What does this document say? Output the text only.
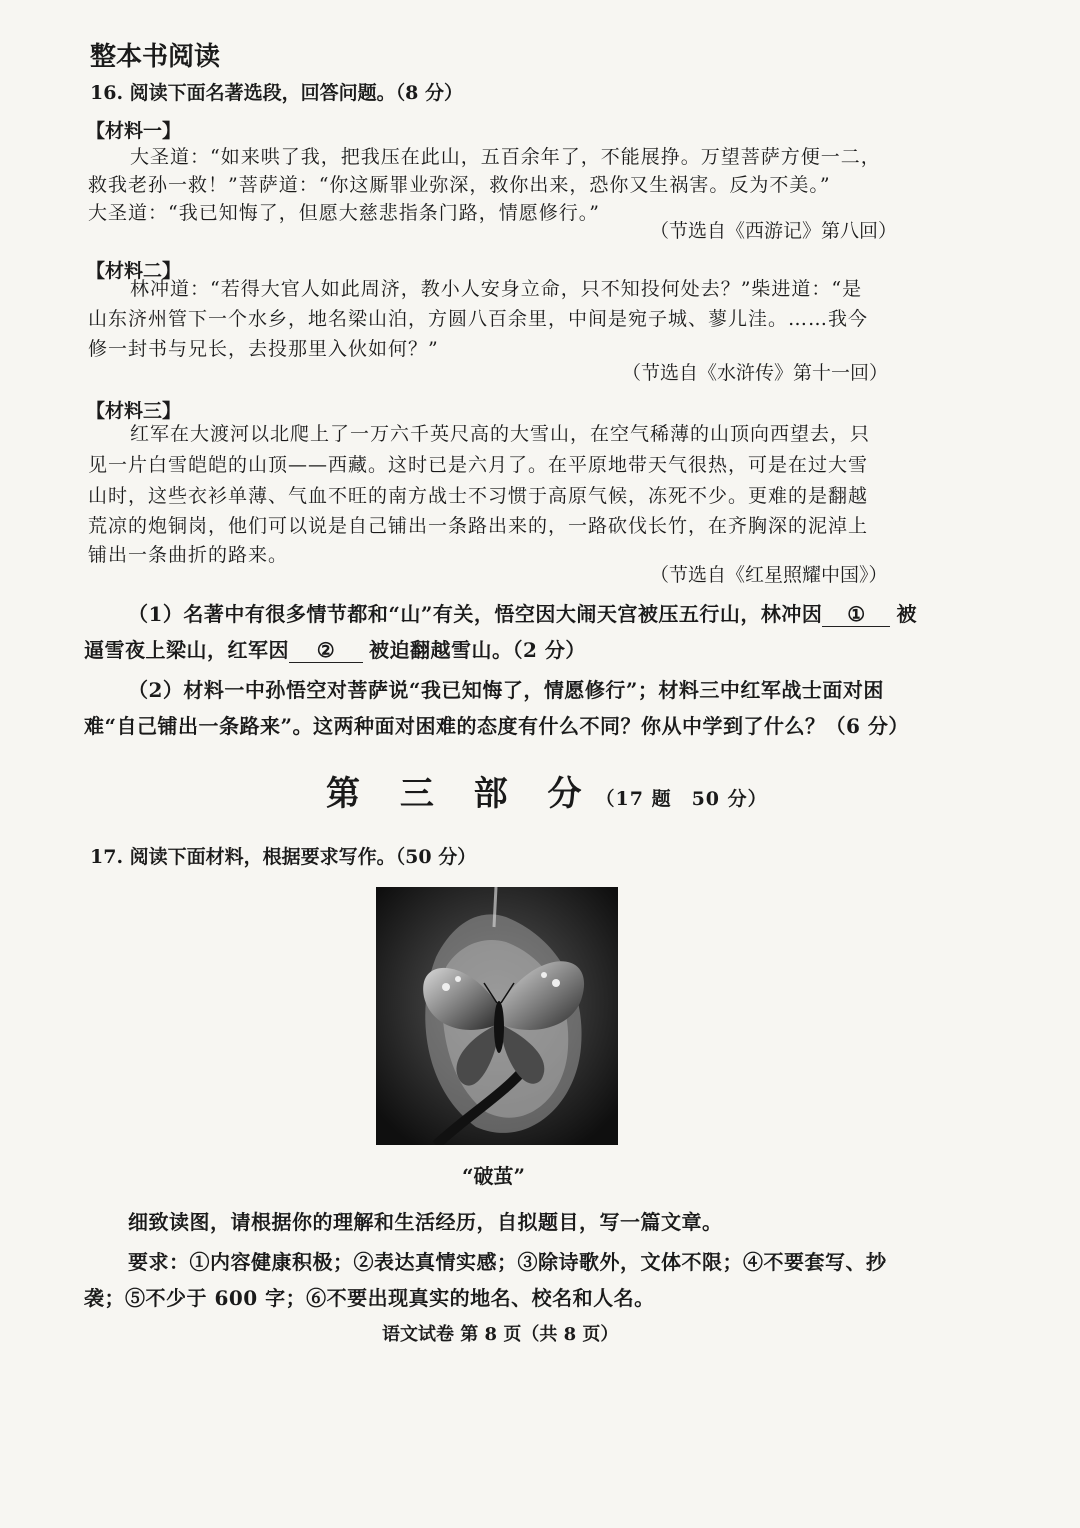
整本书阅读
16. 阅读下面名著选段，回答问题。（8 分）
【材料一】
大圣道：“如来哄了我，把我压在此山，五百余年了，不能展挣。万望菩萨方便一二，
救我老孙一救！”菩萨道：“你这厮罪业弥深，救你出来，恐你又生祸害。反为不美。”
大圣道：“我已知悔了，但愿大慈悲指条门路，情愿修行。”
（节选自《西游记》第八回）
【材料二】
林冲道：“若得大官人如此周济，教小人安身立命，只不知投何处去？”柴进道：“是
山东济州管下一个水乡，地名梁山泊，方圆八百余里，中间是宛子城、蓼儿洼。……我今
修一封书与兄长，去投那里入伙如何？”
（节选自《水浒传》第十一回）
【材料三】
红军在大渡河以北爬上了一万六千英尺高的大雪山，在空气稀薄的山顶向西望去，只
见一片白雪皑皑的山顶——西藏。这时已是六月了。在平原地带天气很热，可是在过大雪
山时，这些衣衫单薄、气血不旺的南方战士不习惯于高原气候，冻死不少。更难的是翻越
荒凉的炮铜岗，他们可以说是自己铺出一条路出来的，一路砍伐长竹，在齐胸深的泥淖上
铺出一条曲折的路来。
（节选自《红星照耀中国》）
（1）名著中有很多情节都和“山”有关，悟空因大闹天宫被压五行山，林冲因 ① 被
逼雪夜上梁山，红军因 ② 被迫翻越雪山。（2 分）
（2）材料一中孙悟空对菩萨说“我已知悔了，情愿修行”；材料三中红军战士面对困
难“自己铺出一条路来”。这两种面对困难的态度有什么不同？你从中学到了什么？（6 分）
第 三 部 分（17 题　50 分）
17. 阅读下面材料，根据要求写作。（50 分）
“破茧”
细致读图，请根据你的理解和生活经历，自拟题目，写一篇文章。
要求：①内容健康积极；②表达真情实感；③除诗歌外，文体不限；④不要套写、抄
袭；⑤不少于 600 字；⑥不要出现真实的地名、校名和人名。
语文试卷 第 8 页（共 8 页）
